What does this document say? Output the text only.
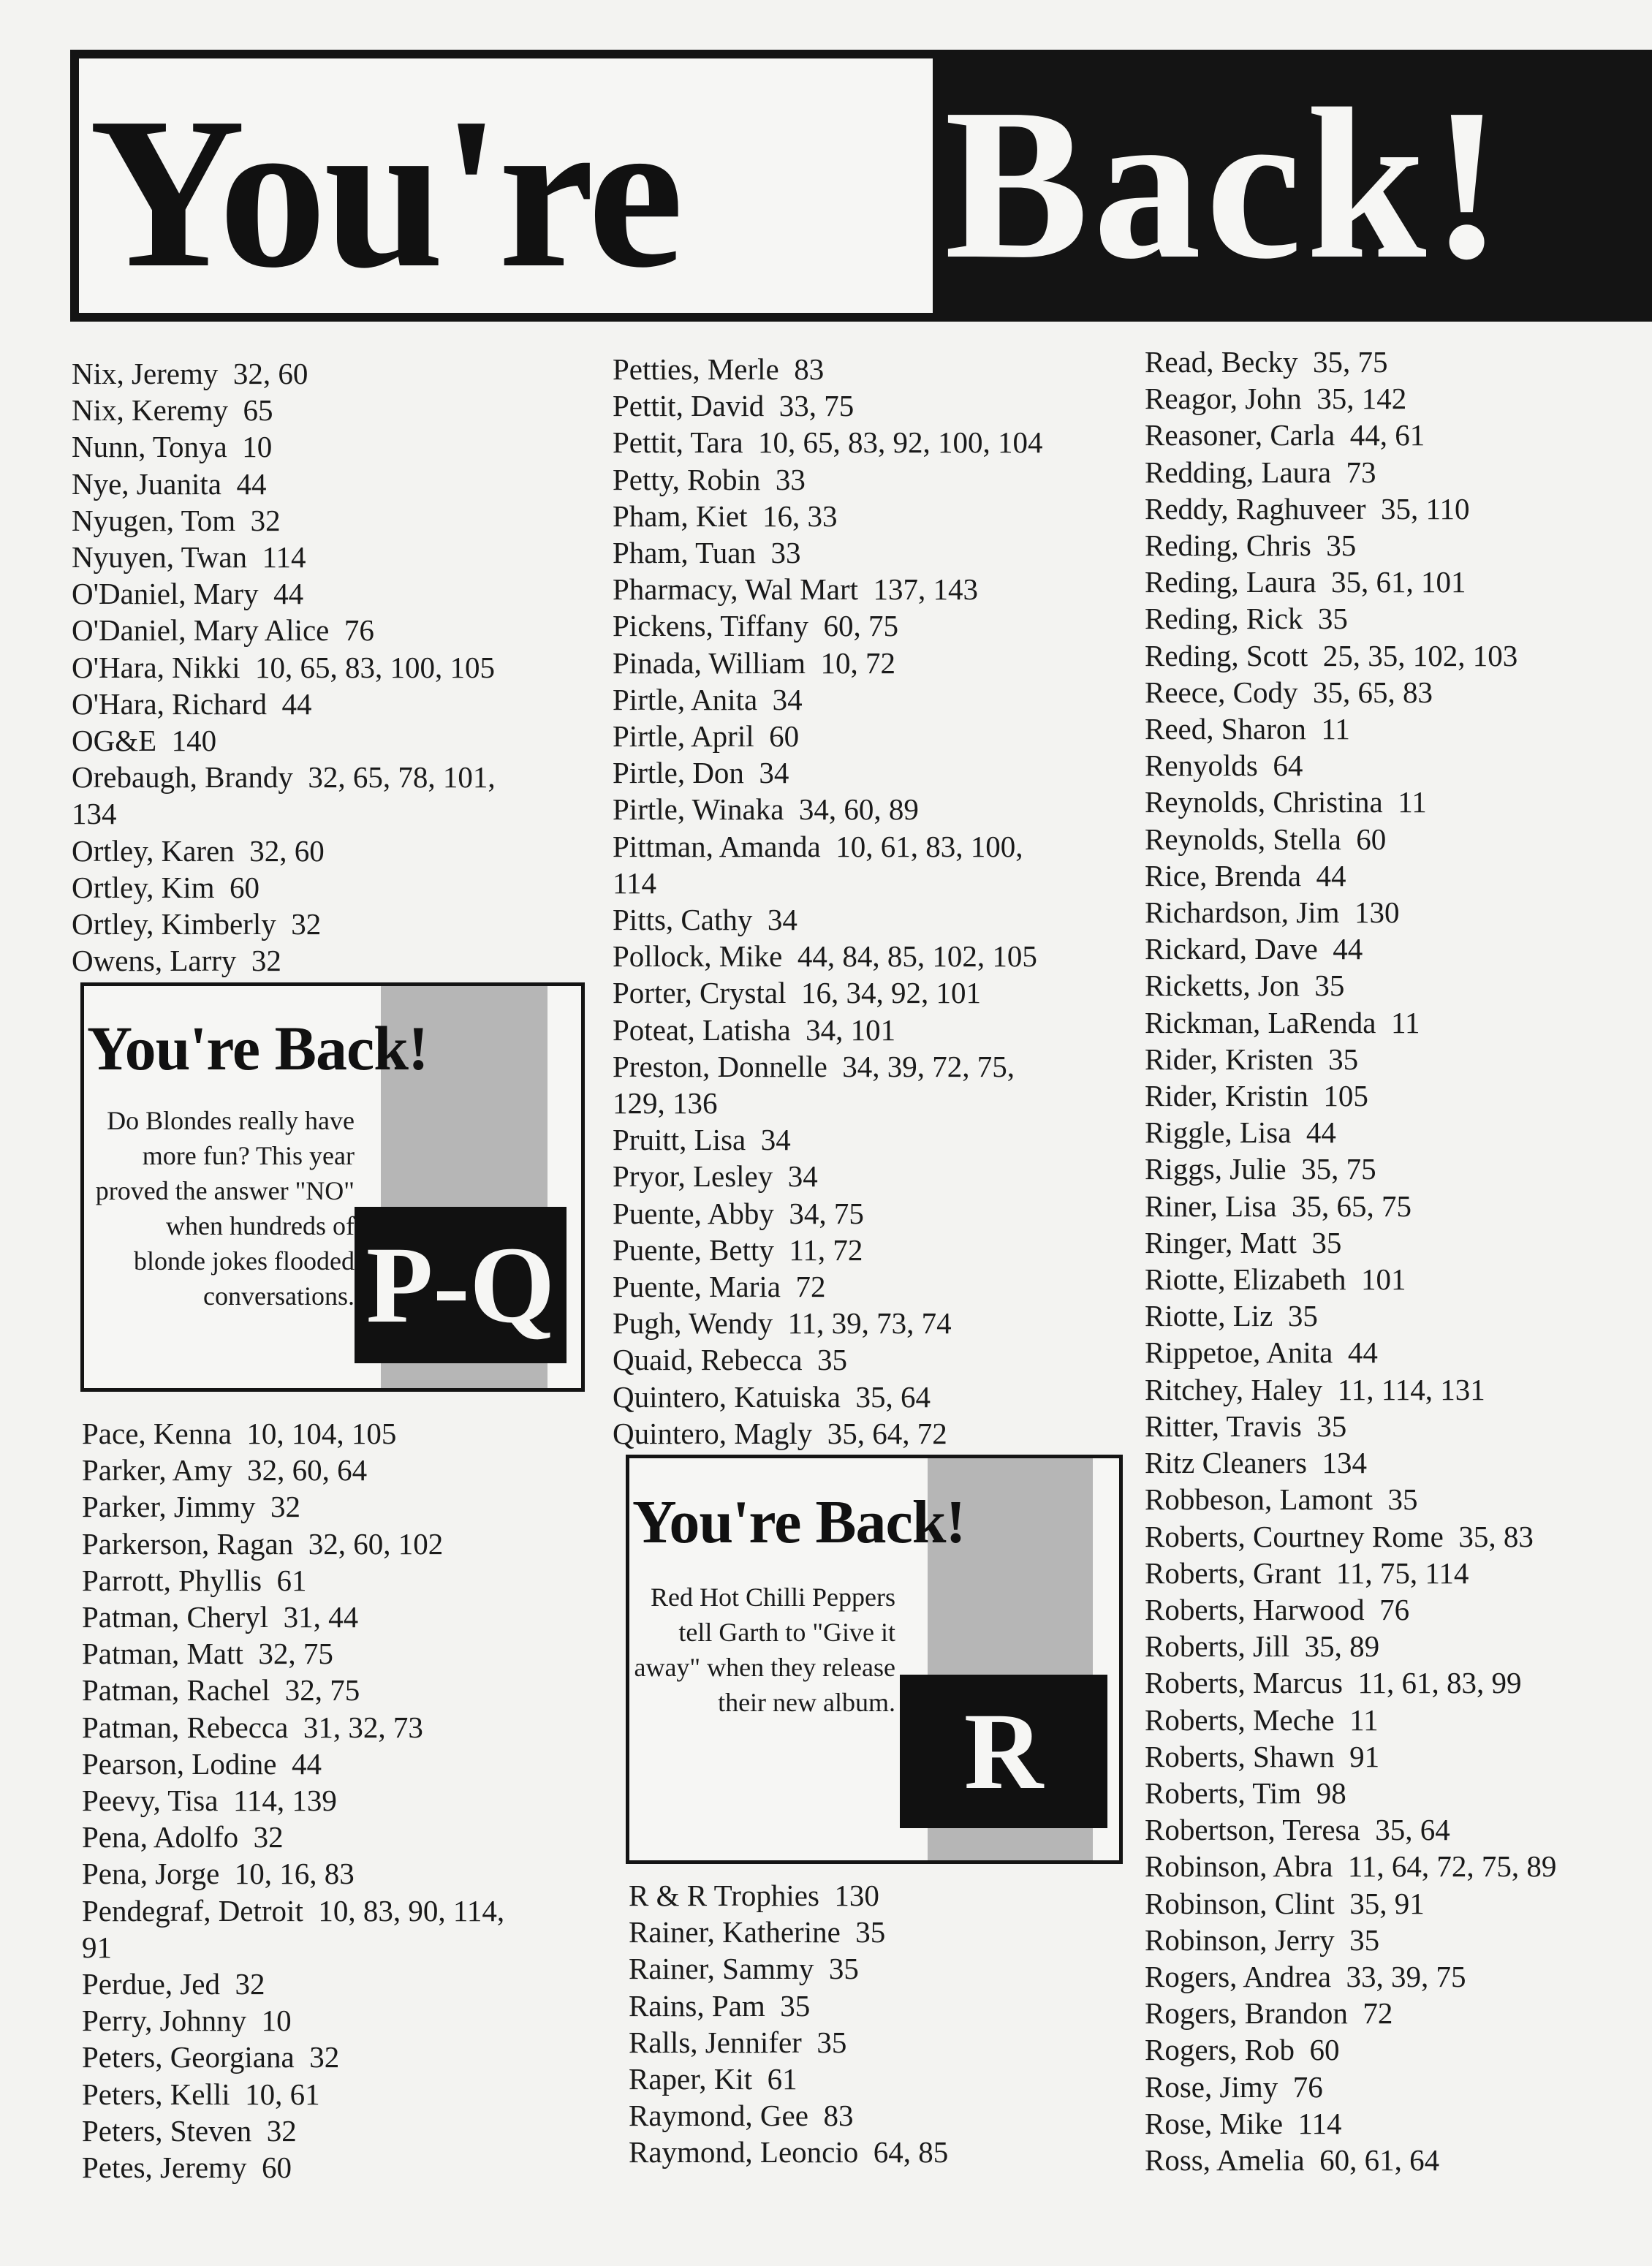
You're Back!
Nix, Jeremy  32, 60
Nix, Keremy  65
Nunn, Tonya  10
Nye, Juanita  44
Nyugen, Tom  32
Nyuyen, Twan  114
O'Daniel, Mary  44
O'Daniel, Mary Alice  76
O'Hara, Nikki  10, 65, 83, 100, 105
O'Hara, Richard  44
OG&E  140
Orebaugh, Brandy  32, 65, 78, 101,
134
Ortley, Karen  32, 60
Ortley, Kim  60
Ortley, Kimberly  32
Owens, Larry  32
You're Back!
Do Blondes really have more fun? This year proved the answer "NO" when hundreds of blonde jokes flooded conversations. P-Q
Pace, Kenna  10, 104, 105
Parker, Amy  32, 60, 64
Parker, Jimmy  32
Parkerson, Ragan  32, 60, 102
Parrott, Phyllis  61
Patman, Cheryl  31, 44
Patman, Matt  32, 75
Patman, Rachel  32, 75
Patman, Rebecca  31, 32, 73
Pearson, Lodine  44
Peevy, Tisa  114, 139
Pena, Adolfo  32
Pena, Jorge  10, 16, 83
Pendegraf, Detroit  10, 83, 90, 114,
91
Perdue, Jed  32
Perry, Johnny  10
Peters, Georgiana  32
Peters, Kelli  10, 61
Peters, Steven  32
Petes, Jeremy  60
Petties, Merle  83
Pettit, David  33, 75
Pettit, Tara  10, 65, 83, 92, 100, 104
Petty, Robin  33
Pham, Kiet  16, 33
Pham, Tuan  33
Pharmacy, Wal Mart  137, 143
Pickens, Tiffany  60, 75
Pinada, William  10, 72
Pirtle, Anita  34
Pirtle, April  60
Pirtle, Don  34
Pirtle, Winaka  34, 60, 89
Pittman, Amanda  10, 61, 83, 100,
114
Pitts, Cathy  34
Pollock, Mike  44, 84, 85, 102, 105
Porter, Crystal  16, 34, 92, 101
Poteat, Latisha  34, 101
Preston, Donnelle  34, 39, 72, 75,
129, 136
Pruitt, Lisa  34
Pryor, Lesley  34
Puente, Abby  34, 75
Puente, Betty  11, 72
Puente, Maria  72
Pugh, Wendy  11, 39, 73, 74
Quaid, Rebecca  35
Quintero, Katuiska  35, 64
Quintero, Magly  35, 64, 72
You're Back!
Red Hot Chilli Peppers tell Garth to "Give it away" when they release their new album. R
R & R Trophies  130
Rainer, Katherine  35
Rainer, Sammy  35
Rains, Pam  35
Ralls, Jennifer  35
Raper, Kit  61
Raymond, Gee  83
Raymond, Leoncio  64, 85
Read, Becky  35, 75
Reagor, John  35, 142
Reasoner, Carla  44, 61
Redding, Laura  73
Reddy, Raghuveer  35, 110
Reding, Chris  35
Reding, Laura  35, 61, 101
Reding, Rick  35
Reding, Scott  25, 35, 102, 103
Reece, Cody  35, 65, 83
Reed, Sharon  11
Renyolds  64
Reynolds, Christina  11
Reynolds, Stella  60
Rice, Brenda  44
Richardson, Jim  130
Rickard, Dave  44
Ricketts, Jon  35
Rickman, LaRenda  11
Rider, Kristen  35
Rider, Kristin  105
Riggle, Lisa  44
Riggs, Julie  35, 75
Riner, Lisa  35, 65, 75
Ringer, Matt  35
Riotte, Elizabeth  101
Riotte, Liz  35
Rippetoe, Anita  44
Ritchey, Haley  11, 114, 131
Ritter, Travis  35
Ritz Cleaners  134
Robbeson, Lamont  35
Roberts, Courtney Rome  35, 83
Roberts, Grant  11, 75, 114
Roberts, Harwood  76
Roberts, Jill  35, 89
Roberts, Marcus  11, 61, 83, 99
Roberts, Meche  11
Roberts, Shawn  91
Roberts, Tim  98
Robertson, Teresa  35, 64
Robinson, Abra  11, 64, 72, 75, 89
Robinson, Clint  35, 91
Robinson, Jerry  35
Rogers, Andrea  33, 39, 75
Rogers, Brandon  72
Rogers, Rob  60
Rose, Jimy  76
Rose, Mike  114
Ross, Amelia  60, 61, 64
